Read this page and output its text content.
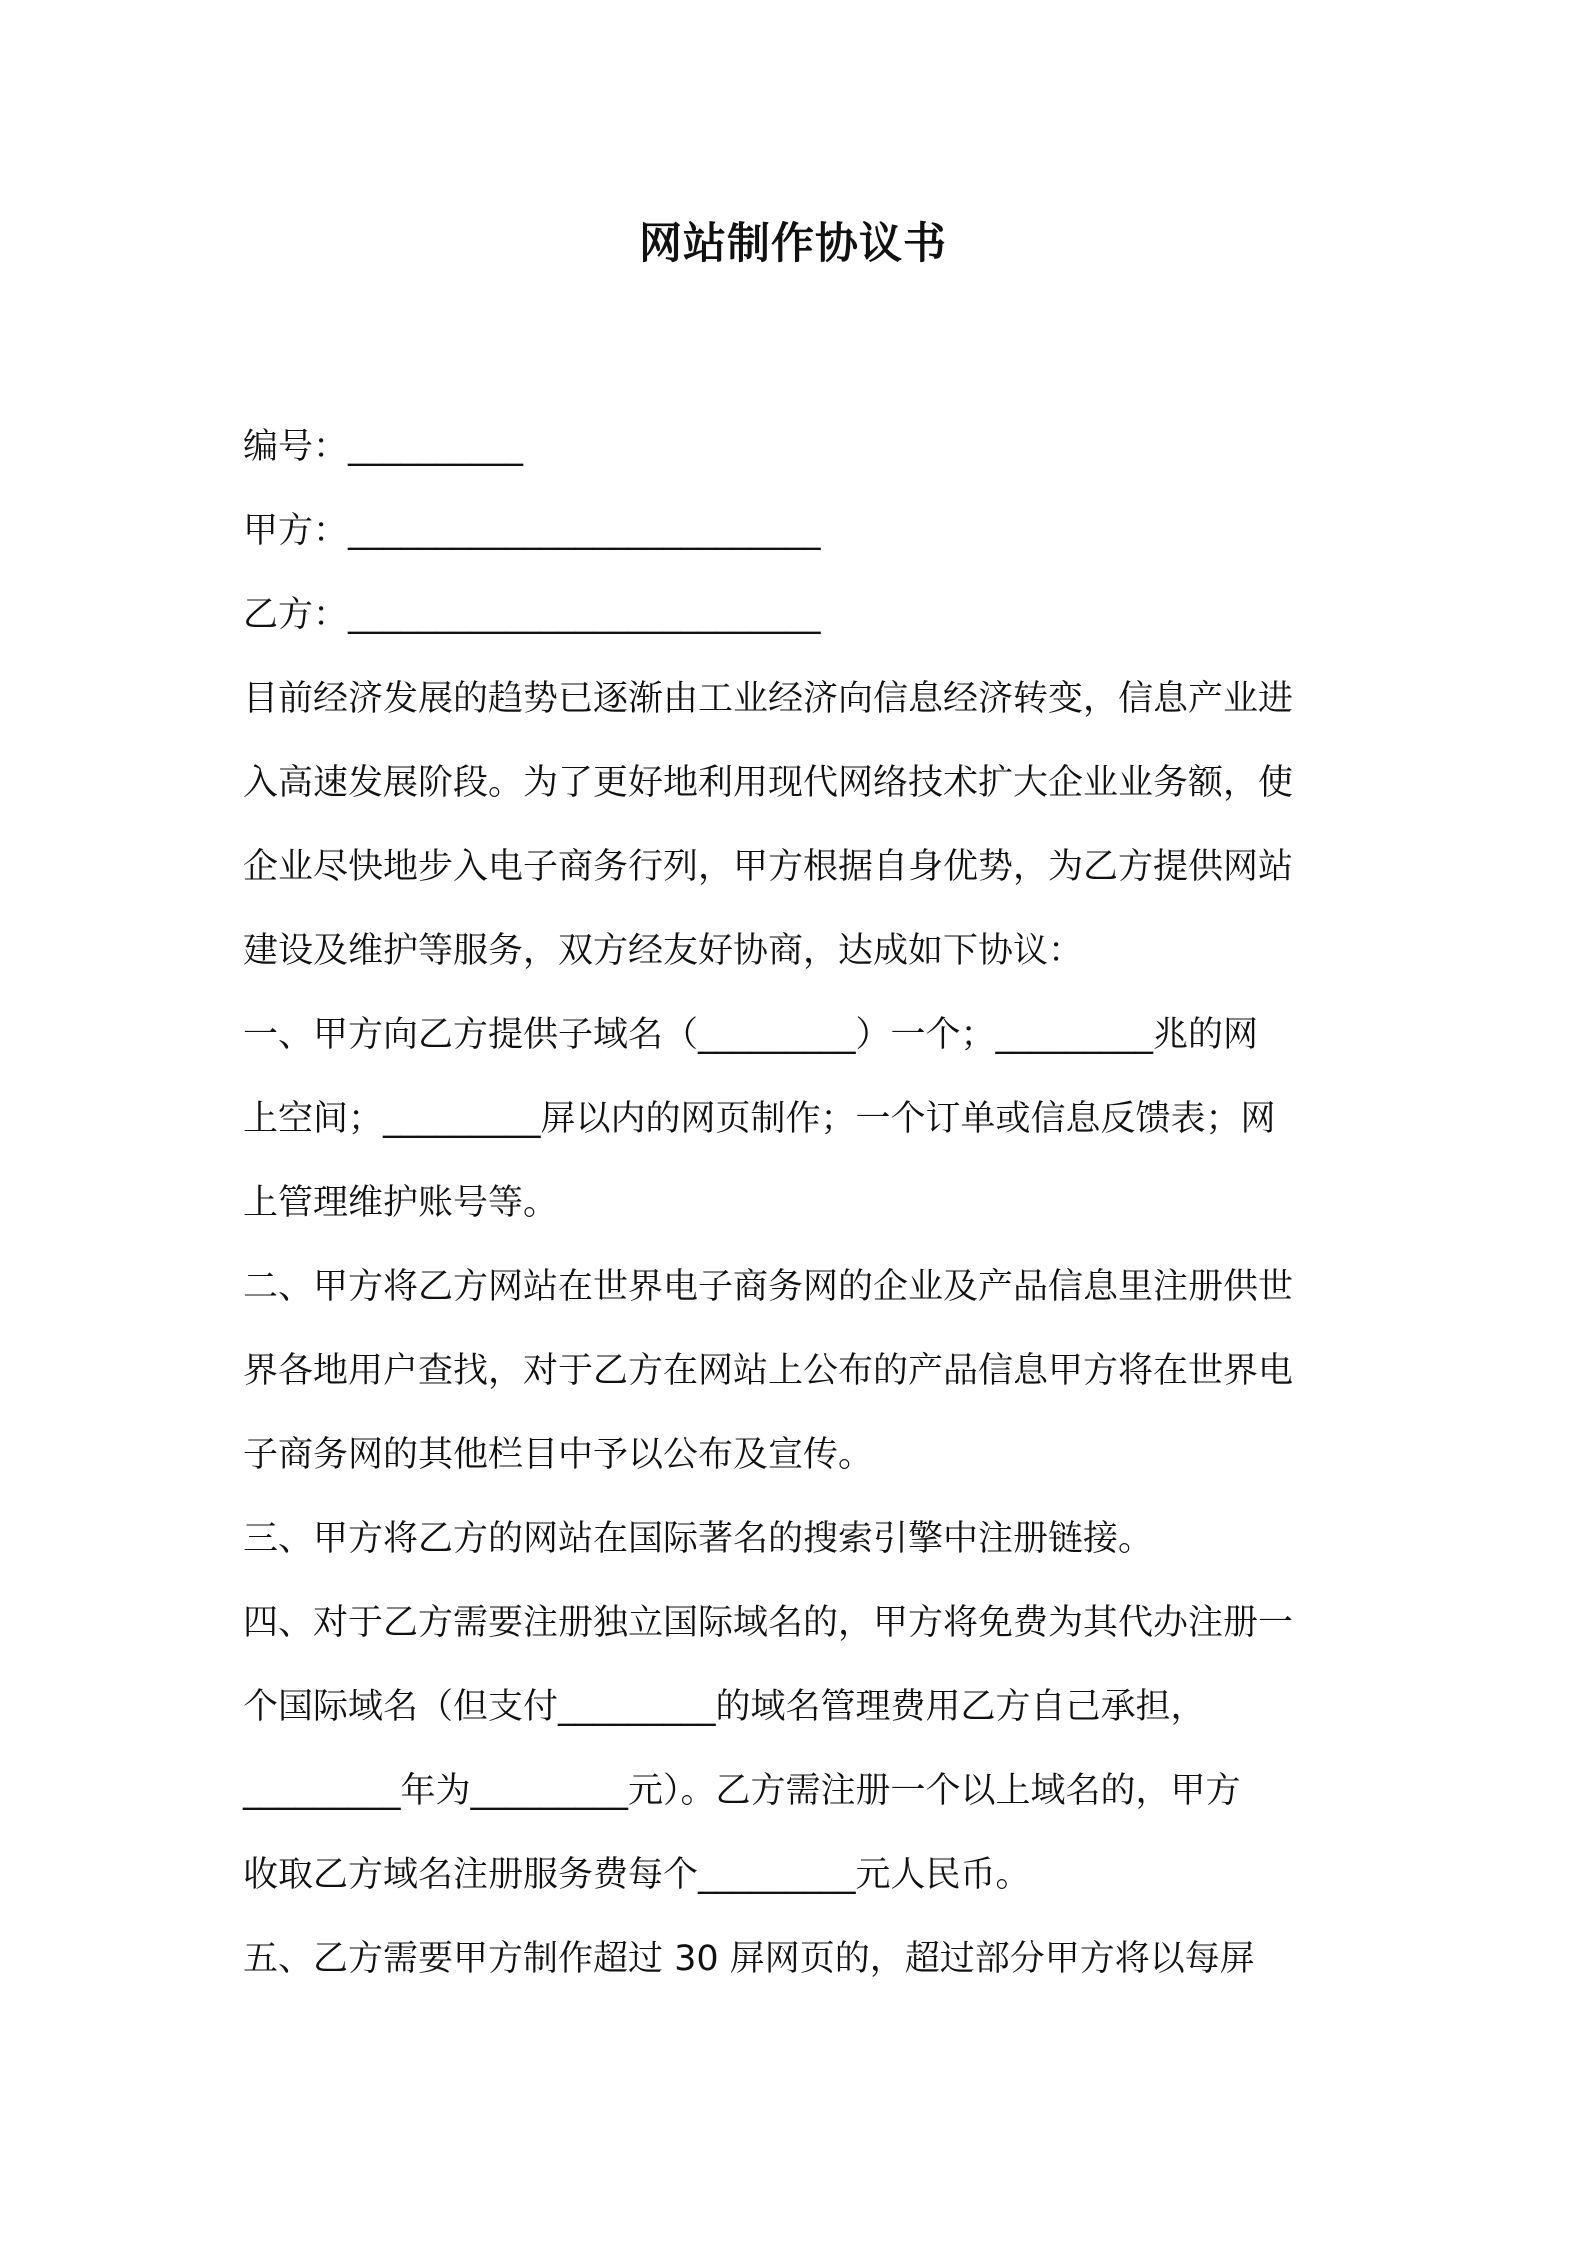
网站制作协议书
编号：__________
甲方：___________________________
乙方：___________________________
目前经济发展的趋势已逐渐由工业经济向信息经济转变，信息产业进
入高速发展阶段。为了更好地利用现代网络技术扩大企业业务额，使
企业尽快地步入电子商务行列，甲方根据自身优势，为乙方提供网站
建设及维护等服务，双方经友好协商，达成如下协议：
一、甲方向乙方提供子域名（_________）一个；_________兆的网
上空间；_________屏以内的网页制作；一个订单或信息反馈表；网
上管理维护账号等。
二、甲方将乙方网站在世界电子商务网的企业及产品信息里注册供世
界各地用户查找，对于乙方在网站上公布的产品信息甲方将在世界电
子商务网的其他栏目中予以公布及宣传。
三、甲方将乙方的网站在国际著名的搜索引擎中注册链接。
四、对于乙方需要注册独立国际域名的，甲方将免费为其代办注册一
个国际域名（但支付_________的域名管理费用乙方自己承担，
_________年为_________元）。乙方需注册一个以上域名的，甲方
收取乙方域名注册服务费每个_________元人民币。
五、乙方需要甲方制作超过 30 屏网页的，超过部分甲方将以每屏
